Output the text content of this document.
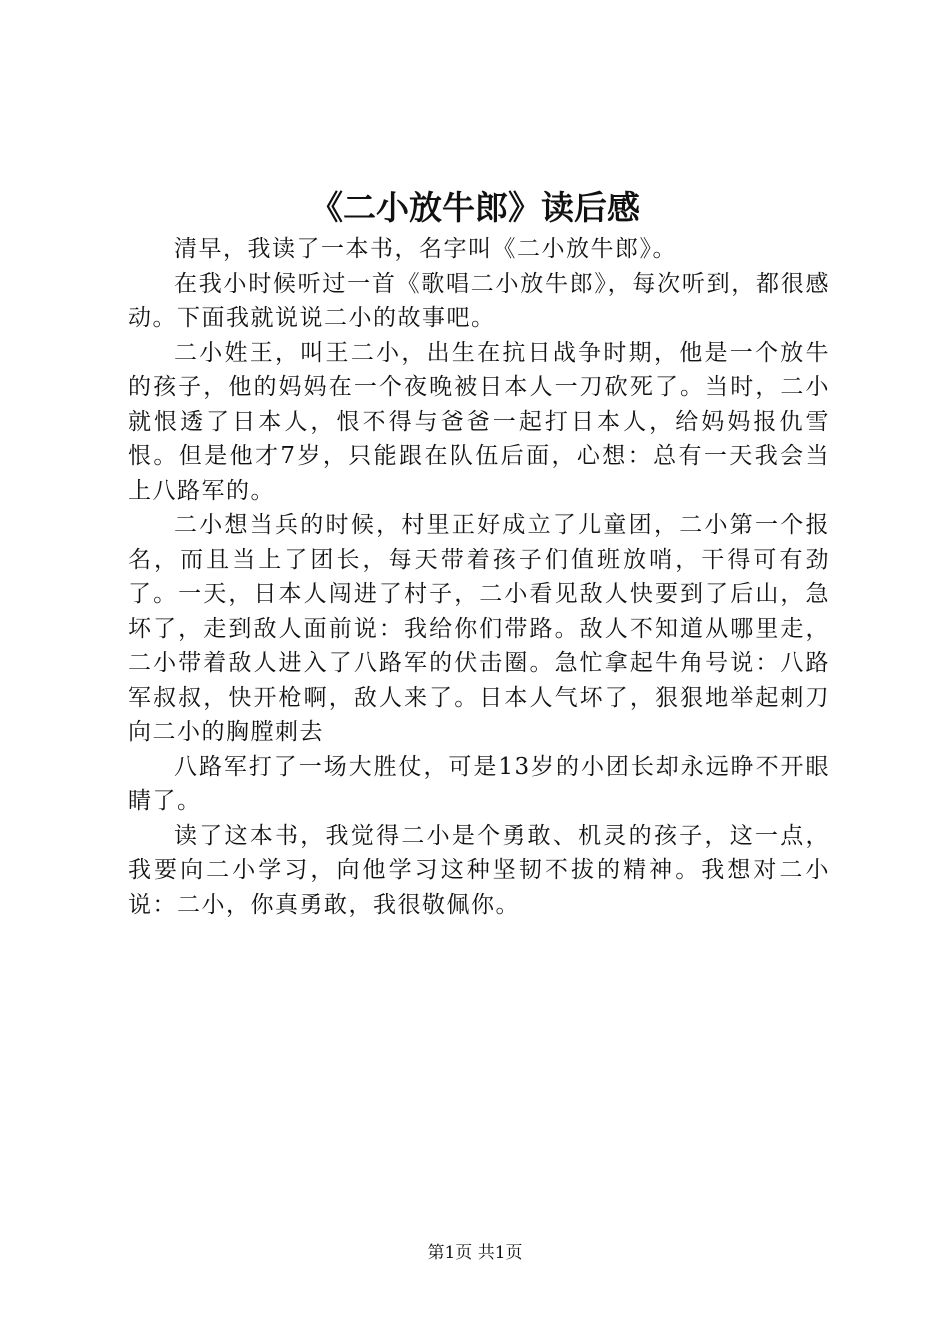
《二小放牛郎》读后感

清早，我读了一本书，名字叫《二小放牛郎》。

在我小时候听过一首《歌唱二小放牛郎》，每次听到，都很感动。下面我就说说二小的故事吧。

二小姓王，叫王二小，出生在抗日战争时期，他是一个放牛的孩子，他的妈妈在一个夜晚被日本人一刀砍死了。当时，二小就恨透了日本人，恨不得与爸爸一起打日本人，给妈妈报仇雪恨。但是他才7岁，只能跟在队伍后面，心想：总有一天我会当上八路军的。

二小想当兵的时候，村里正好成立了儿童团，二小第一个报名，而且当上了团长，每天带着孩子们值班放哨，干得可有劲了。一天，日本人闯进了村子，二小看见敌人快要到了后山，急坏了，走到敌人面前说：我给你们带路。敌人不知道从哪里走，二小带着敌人进入了八路军的伏击圈。急忙拿起牛角号说：八路军叔叔，快开枪啊，敌人来了。日本人气坏了，狠狠地举起刺刀向二小的胸膛刺去

八路军打了一场大胜仗，可是13岁的小团长却永远睁不开眼睛了。

读了这本书，我觉得二小是个勇敢、机灵的孩子，这一点，我要向二小学习，向他学习这种坚韧不拔的精神。我想对二小说：二小，你真勇敢，我很敬佩你。

第1页 共1页
